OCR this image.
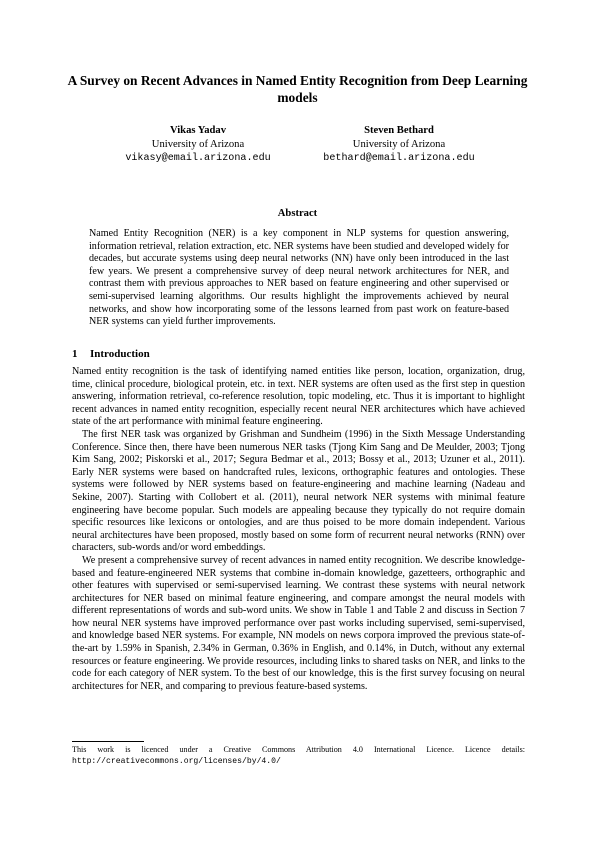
A Survey on Recent Advances in Named Entity Recognition from Deep Learning models
Vikas Yadav
University of Arizona
vikasy@email.arizona.edu
Steven Bethard
University of Arizona
bethard@email.arizona.edu
Abstract

Named Entity Recognition (NER) is a key component in NLP systems for question answering, information retrieval, relation extraction, etc. NER systems have been studied and developed widely for decades, but accurate systems using deep neural networks (NN) have only been introduced in the last few years. We present a comprehensive survey of deep neural network architectures for NER, and contrast them with previous approaches to NER based on feature engineering and other supervised or semi-supervised learning algorithms. Our results highlight the improvements achieved by neural networks, and show how incorporating some of the lessons learned from past work on feature-based NER systems can yield further improvements.

1 Introduction

Named entity recognition is the task of identifying named entities like person, location, organization, drug, time, clinical procedure, biological protein, etc. in text. NER systems are often used as the first step in question answering, information retrieval, co-reference resolution, topic modeling, etc. Thus it is important to highlight recent advances in named entity recognition, especially recent neural NER architectures which have achieved state of the art performance with minimal feature engineering.

The first NER task was organized by Grishman and Sundheim (1996) in the Sixth Message Understanding Conference. Since then, there have been numerous NER tasks (Tjong Kim Sang and De Meulder, 2003; Tjong Kim Sang, 2002; Piskorski et al., 2017; Segura Bedmar et al., 2013; Bossy et al., 2013; Uzuner et al., 2011). Early NER systems were based on handcrafted rules, lexicons, orthographic features and ontologies. These systems were followed by NER systems based on feature-engineering and machine learning (Nadeau and Sekine, 2007). Starting with Collobert et al. (2011), neural network NER systems with minimal feature engineering have become popular. Such models are appealing because they typically do not require domain specific resources like lexicons or ontologies, and are thus poised to be more domain independent. Various neural architectures have been proposed, mostly based on some form of recurrent neural networks (RNN) over characters, sub-words and/or word embeddings.

We present a comprehensive survey of recent advances in named entity recognition. We describe knowledge-based and feature-engineered NER systems that combine in-domain knowledge, gazetteers, orthographic and other features with supervised or semi-supervised learning. We contrast these systems with neural network architectures for NER based on minimal feature engineering, and compare amongst the neural models with different representations of words and sub-word units. We show in Table 1 and Table 2 and discuss in Section 7 how neural NER systems have improved performance over past works including supervised, semi-supervised, and knowledge based NER systems. For example, NN models on news corpora improved the previous state-of-the-art by 1.59% in Spanish, 2.34% in German, 0.36% in English, and 0.14%, in Dutch, without any external resources or feature engineering. We provide resources, including links to shared tasks on NER, and links to the code for each category of NER system. To the best of our knowledge, this is the first survey focusing on neural architectures for NER, and comparing to previous feature-based systems.

This work is licenced under a Creative Commons Attribution 4.0 International Licence. Licence details: http://creativecommons.org/licenses/by/4.0/
